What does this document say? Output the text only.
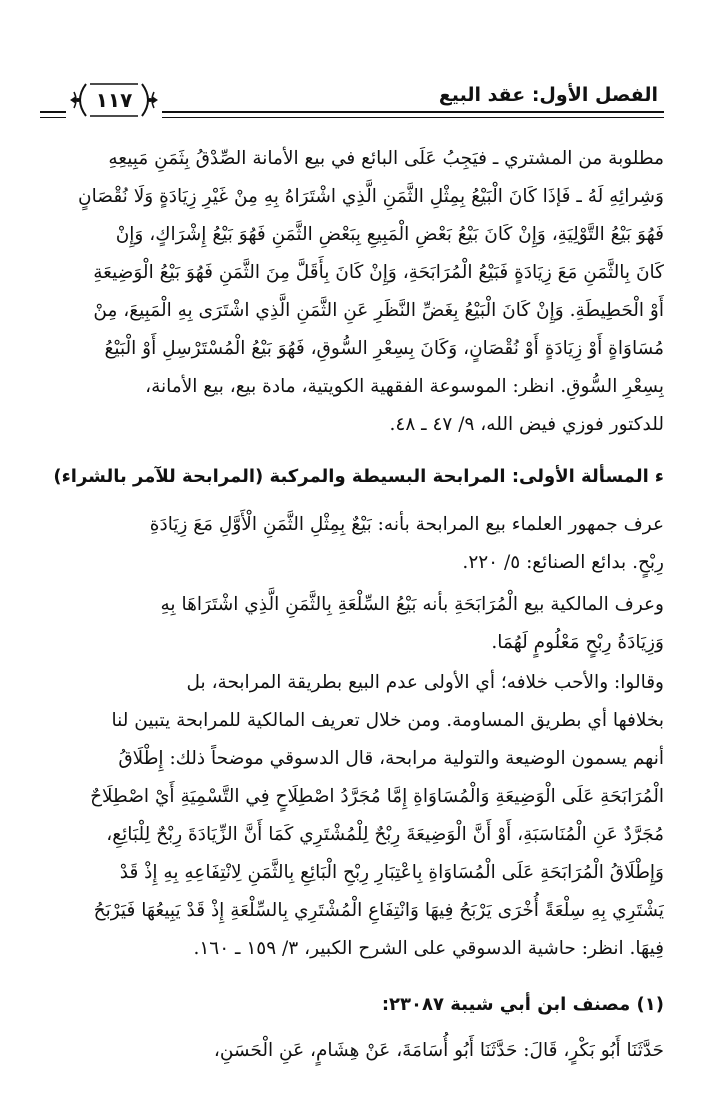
الفصل الأول: عقد البيع
١١٧
مطلوبة من المشتري ـ فيَجِبُ عَلَى البائع في بيع الأمانة الصِّدْقُ بِثَمَنِ مَبِيعِهِ
وَشِرائِهِ لَهُ ـ فَإذَا كَانَ الْبَيْعُ بِمِثْلِ الثَّمَنِ الَّذِي اشْتَرَاهُ بِهِ مِنْ غَيْرِ زِيَادَةٍ وَلَا نُقْصَانٍ
فَهُوَ بَيْعُ التَّوْلِيَةِ، وَإِنْ كَانَ بَيْعُ بَعْضِ الْمَبِيعِ بِبَعْضِ الثَّمَنِ فَهُوَ بَيْعُ إِشْرَاكٍ، وَإِنْ
كَانَ بِالثَّمَنِ مَعَ زِيَادَةٍ فَبَيْعُ الْمُرَابَحَةِ، وَإِنْ كَانَ بِأَقَلَّ مِنَ الثَّمَنِ فَهُوَ بَيْعُ الْوَضِيعَةِ
أَوْ الْحَطِيطَةِ. وَإِنْ كَانَ الْبَيْعُ بِغَضِّ النَّظَرِ عَنِ الثَّمَنِ الَّذِي اشْتَرَى بِهِ الْمَبِيعَ، مِنْ
مُسَاوَاةٍ أَوْ زِيَادَةٍ أَوْ نُقْصَانٍ، وَكَانَ بِسِعْرِ السُّوقِ، فَهُوَ بَيْعُ الْمُسْتَرْسِلِ أَوْ الْبَيْعُ
بِسِعْرِ السُّوقِ. انظر: الموسوعة الفقهية الكويتية، مادة بيع، بيع الأمانة،
للدكتور فوزي فيض الله، ٩/ ٤٧ ـ ٤٨.
ﺀالمسألة الأولى: المرابحة البسيطة والمركبة (المرابحة للآمر بالشراء)
عرف جمهور العلماء بيع المرابحة بأنه: بَيْعٌ بِمِثْلِ الثَّمَنِ الْأَوَّلِ مَعَ زِيَادَةِ
رِبْحٍ. بدائع الصنائع: ٥/ ٢٢٠.
وعرف المالكية بيع الْمُرَابَحَةِ بأنه بَيْعُ السِّلْعَةِ بِالثَّمَنِ الَّذِي اشْتَرَاهَا بِهِ
وَزِيَادَةُ رِبْحٍ مَعْلُومٍ لَهُمَا.
وقالوا: والأحب خلافه؛ أي الأولى عدم البيع بطريقة المرابحة، بل
بخلافها أي بطريق المساومة. ومن خلال تعريف المالكية للمرابحة يتبين لنا
أنهم يسمون الوضيعة والتولية مرابحة، قال الدسوقي موضحاً ذلك: إِطْلَاقُ
الْمُرَابَحَةِ عَلَى الْوَضِيعَةِ وَالْمُسَاوَاةِ إِمَّا مُجَرَّدُ اصْطِلَاحٍ فِي التَّسْمِيَةِ أَيْ اصْطِلَاحٌ
مُجَرَّدٌ عَنِ الْمُنَاسَبَةِ، أَوْ أَنَّ الْوَضِيعَةَ رِبْحٌ لِلْمُشْتَرِي كَمَا أَنَّ الزِّيَادَةَ رِبْحٌ لِلْبَائِعِ،
وَإِطْلَاقُ الْمُرَابَحَةِ عَلَى الْمُسَاوَاةِ بِاعْتِبَارِ رِبْحِ الْبَائِعِ بِالثَّمَنِ لِانْتِفَاعِهِ بِهِ إِذْ قَدْ
يَشْتَرِي بِهِ سِلْعَةً أُخْرَى يَرْبَحُ فِيهَا وَانْتِفَاعِ الْمُشْتَرِي بِالسِّلْعَةِ إِذْ قَدْ يَبِيعُهَا فَيَرْبَحُ
فِيهَا. انظر: حاشية الدسوقي على الشرح الكبير، ٣/ ١٥٩ ـ ١٦٠.
(١) مصنف ابن أبي شيبة ٢٣٠٨٧:
حَدَّثَنَا أَبُو بَكْرٍ، قَالَ: حَدَّثَنَا أَبُو أُسَامَةَ، عَنْ هِشَامٍ، عَنِ الْحَسَنِ،
